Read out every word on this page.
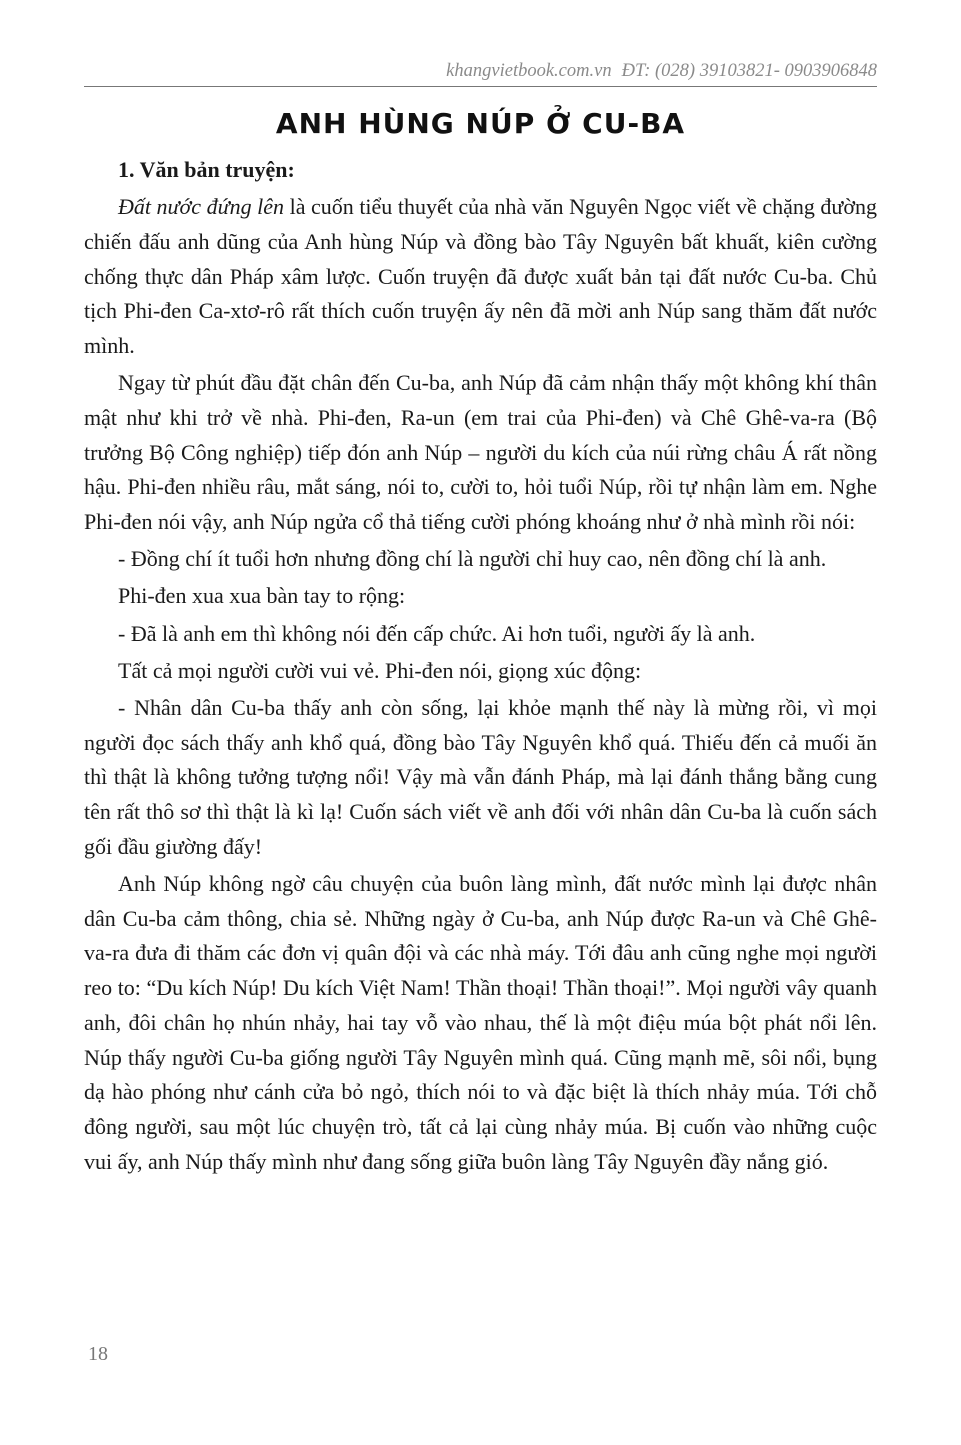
khangvietbook.com.vn ĐT: (028) 39103821- 0903906848
ANH HÙNG NÚP Ở CU-BA

1. Văn bản truyện:

Đất nước đứng lên là cuốn tiểu thuyết của nhà văn Nguyên Ngọc viết về chặng đường chiến đấu anh dũng của Anh hùng Núp và đồng bào Tây Nguyên bất khuất, kiên cường chống thực dân Pháp xâm lược. Cuốn truyện đã được xuất bản tại đất nước Cu-ba. Chủ tịch Phi-đen Ca-xtơ-rô rất thích cuốn truyện ấy nên đã mời anh Núp sang thăm đất nước mình.

Ngay từ phút đầu đặt chân đến Cu-ba, anh Núp đã cảm nhận thấy một không khí thân mật như khi trở về nhà. Phi-đen, Ra-un (em trai của Phi-đen) và Chê Ghê-va-ra (Bộ trưởng Bộ Công nghiệp) tiếp đón anh Núp – người du kích của núi rừng châu Á rất nồng hậu. Phi-đen nhiều râu, mắt sáng, nói to, cười to, hỏi tuổi Núp, rồi tự nhận làm em. Nghe Phi-đen nói vậy, anh Núp ngửa cổ thả tiếng cười phóng khoáng như ở nhà mình rồi nói:

- Đồng chí ít tuổi hơn nhưng đồng chí là người chỉ huy cao, nên đồng chí là anh.

Phi-đen xua xua bàn tay to rộng:

- Đã là anh em thì không nói đến cấp chức. Ai hơn tuổi, người ấy là anh.

Tất cả mọi người cười vui vẻ. Phi-đen nói, giọng xúc động:

- Nhân dân Cu-ba thấy anh còn sống, lại khỏe mạnh thế này là mừng rồi, vì mọi người đọc sách thấy anh khổ quá, đồng bào Tây Nguyên khổ quá. Thiếu đến cả muối ăn thì thật là không tưởng tượng nổi! Vậy mà vẫn đánh Pháp, mà lại đánh thắng bằng cung tên rất thô sơ thì thật là kì lạ! Cuốn sách viết về anh đối với nhân dân Cu-ba là cuốn sách gối đầu giường đấy!

Anh Núp không ngờ câu chuyện của buôn làng mình, đất nước mình lại được nhân dân Cu-ba cảm thông, chia sẻ. Những ngày ở Cu-ba, anh Núp được Ra-un và Chê Ghê-va-ra đưa đi thăm các đơn vị quân đội và các nhà máy. Tới đâu anh cũng nghe mọi người reo to: “Du kích Núp! Du kích Việt Nam! Thần thoại! Thần thoại!”. Mọi người vây quanh anh, đôi chân họ nhún nhảy, hai tay vỗ vào nhau, thế là một điệu múa bột phát nổi lên. Núp thấy người Cu-ba giống người Tây Nguyên mình quá. Cũng mạnh mẽ, sôi nổi, bụng dạ hào phóng như cánh cửa bỏ ngỏ, thích nói to và đặc biệt là thích nhảy múa. Tới chỗ đông người, sau một lúc chuyện trò, tất cả lại cùng nhảy múa. Bị cuốn vào những cuộc vui ấy, anh Núp thấy mình như đang sống giữa buôn làng Tây Nguyên đầy nắng gió.

18
